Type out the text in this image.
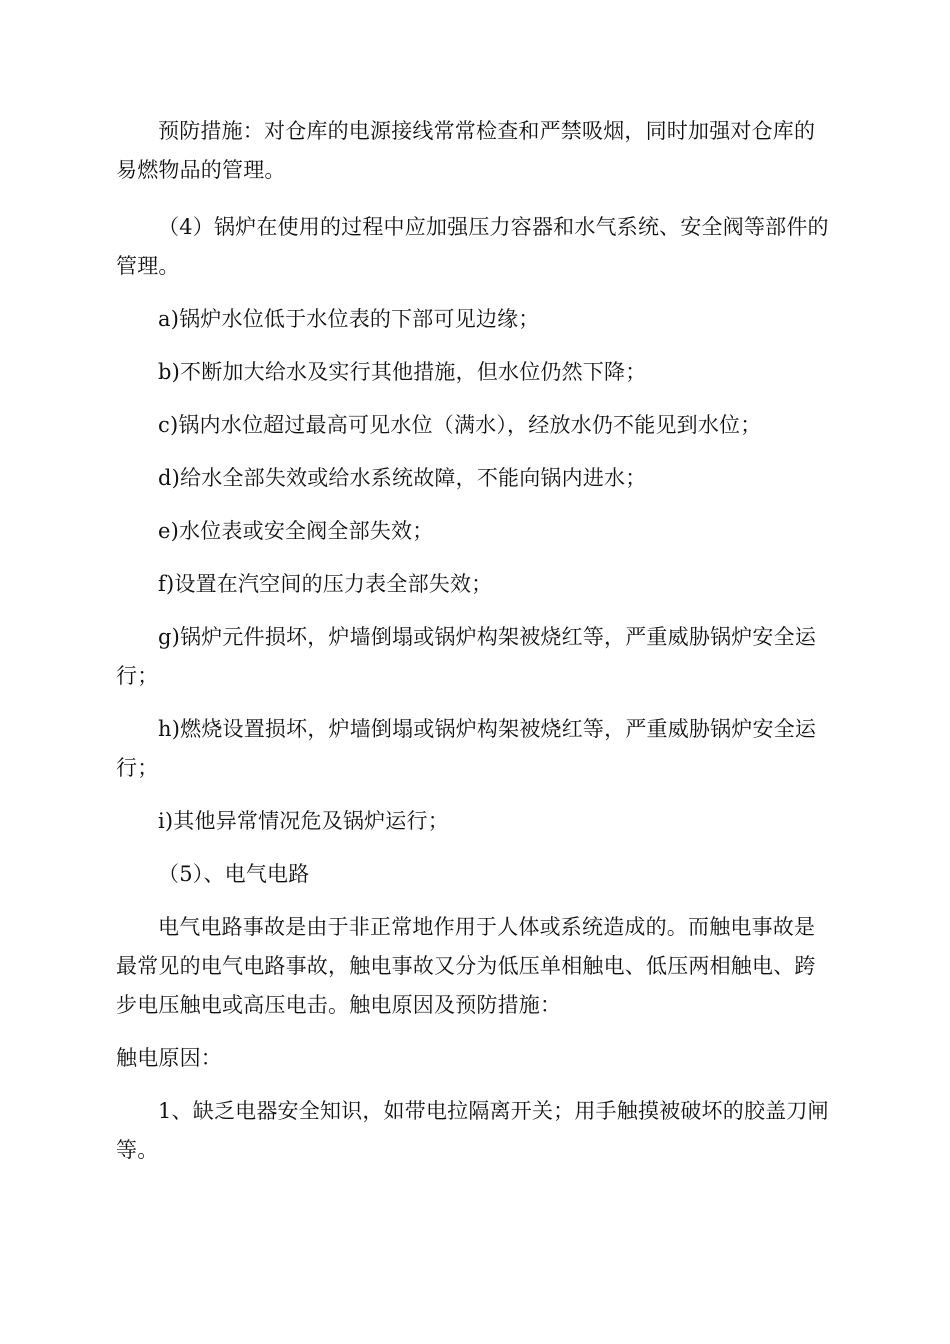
预防措施：对仓库的电源接线常常检查和严禁吸烟，同时加强对仓库的易燃物品的管理。

（4）锅炉在使用的过程中应加强压力容器和水气系统、安全阀等部件的管理。

a)锅炉水位低于水位表的下部可见边缘；

b)不断加大给水及实行其他措施，但水位仍然下降；

c)锅内水位超过最高可见水位（满水），经放水仍不能见到水位；

d)给水全部失效或给水系统故障，不能向锅内进水；

e)水位表或安全阀全部失效；

f)设置在汽空间的压力表全部失效；

g)锅炉元件损坏，炉墙倒塌或锅炉构架被烧红等，严重威胁锅炉安全运行；

h)燃烧设置损坏，炉墙倒塌或锅炉构架被烧红等，严重威胁锅炉安全运行；

i)其他异常情况危及锅炉运行；

（5）、电气电路

电气电路事故是由于非正常地作用于人体或系统造成的。而触电事故是最常见的电气电路事故，触电事故又分为低压单相触电、低压两相触电、跨步电压触电或高压电击。触电原因及预防措施：

触电原因：

1、缺乏电器安全知识，如带电拉隔离开关；用手触摸被破坏的胶盖刀闸等。
